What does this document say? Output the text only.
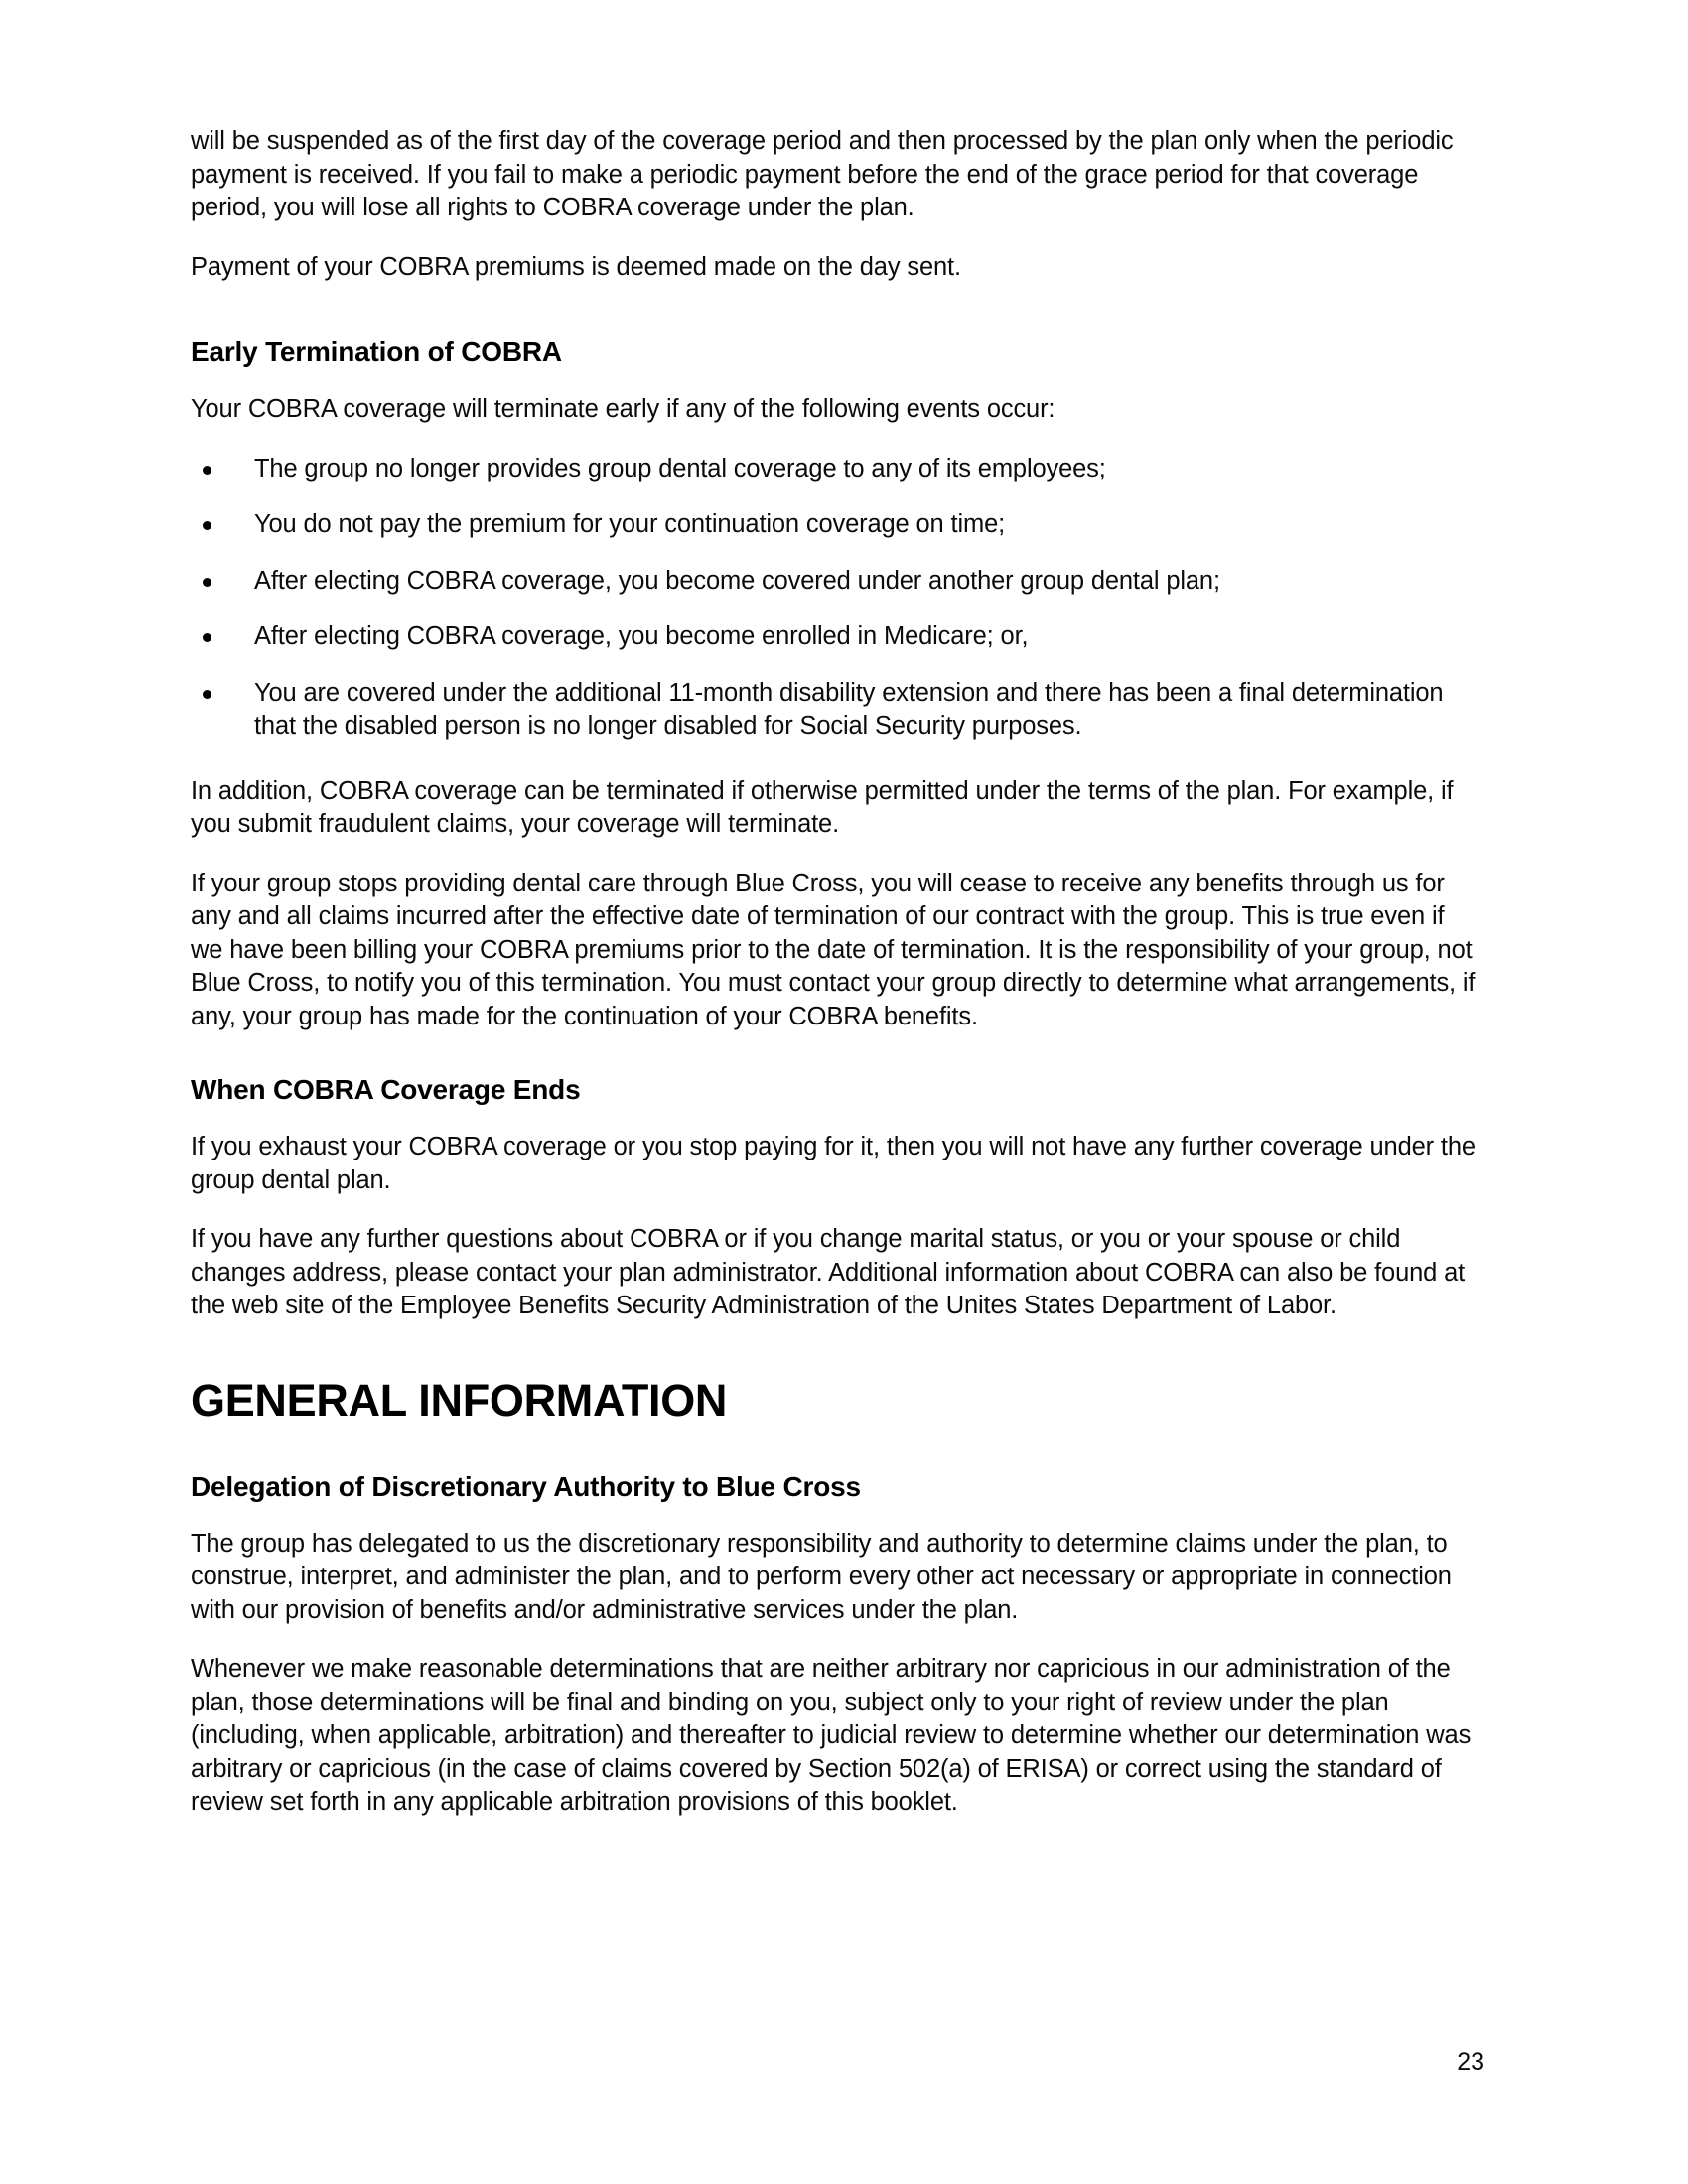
will be suspended as of the first day of the coverage period and then processed by the plan only when the periodic payment is received. If you fail to make a periodic payment before the end of the grace period for that coverage period, you will lose all rights to COBRA coverage under the plan.

Payment of your COBRA premiums is deemed made on the day sent.

Early Termination of COBRA

Your COBRA coverage will terminate early if any of the following events occur:

The group no longer provides group dental coverage to any of its employees;
You do not pay the premium for your continuation coverage on time;
After electing COBRA coverage, you become covered under another group dental plan;
After electing COBRA coverage, you become enrolled in Medicare; or,
You are covered under the additional 11-month disability extension and there has been a final determination that the disabled person is no longer disabled for Social Security purposes.

In addition, COBRA coverage can be terminated if otherwise permitted under the terms of the plan. For example, if you submit fraudulent claims, your coverage will terminate.

If your group stops providing dental care through Blue Cross, you will cease to receive any benefits through us for any and all claims incurred after the effective date of termination of our contract with the group. This is true even if we have been billing your COBRA premiums prior to the date of termination. It is the responsibility of your group, not Blue Cross, to notify you of this termination. You must contact your group directly to determine what arrangements, if any, your group has made for the continuation of your COBRA benefits.

When COBRA Coverage Ends

If you exhaust your COBRA coverage or you stop paying for it, then you will not have any further coverage under the group dental plan.

If you have any further questions about COBRA or if you change marital status, or you or your spouse or child changes address, please contact your plan administrator. Additional information about COBRA can also be found at the web site of the Employee Benefits Security Administration of the Unites States Department of Labor.

GENERAL INFORMATION
Delegation of Discretionary Authority to Blue Cross

The group has delegated to us the discretionary responsibility and authority to determine claims under the plan, to construe, interpret, and administer the plan, and to perform every other act necessary or appropriate in connection with our provision of benefits and/or administrative services under the plan.

Whenever we make reasonable determinations that are neither arbitrary nor capricious in our administration of the plan, those determinations will be final and binding on you, subject only to your right of review under the plan (including, when applicable, arbitration) and thereafter to judicial review to determine whether our determination was arbitrary or capricious (in the case of claims covered by Section 502(a) of ERISA) or correct using the standard of review set forth in any applicable arbitration provisions of this booklet.

23
